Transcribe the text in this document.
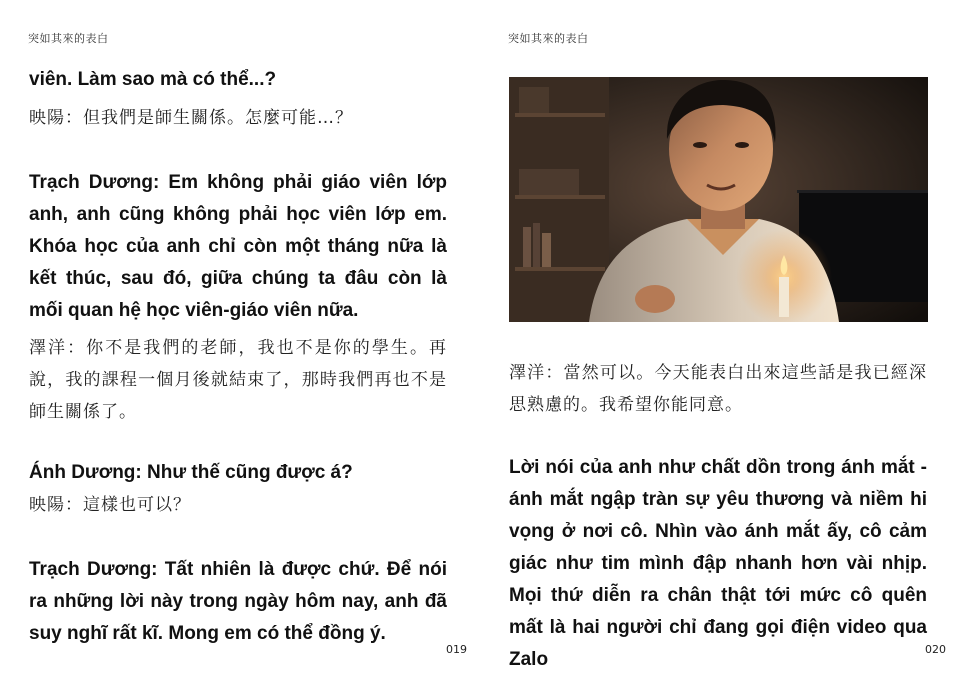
突如其來的表白

viên. Làm sao mà có thể...?

映陽：但我們是師生關係。怎麼可能…？

Trạch Dương: Em không phải giáo viên lớp anh, anh cũng không phải học viên lớp em. Khóa học của anh chỉ còn một tháng nữa là kết thúc, sau đó, giữa chúng ta đâu còn là mối quan hệ học viên-giáo viên nữa.

澤洋：你不是我們的老師，我也不是你的學生。再說，我的課程一個月後就結束了，那時我們再也不是師生關係了。

Ánh Dương: Như thế cũng được á?

映陽：這樣也可以？

Trạch Dương: Tất nhiên là được chứ. Để nói ra những lời này trong ngày hôm nay, anh đã suy nghĩ rất kĩ. Mong em có thể đồng ý.

019
突如其來的表白

澤洋：當然可以。今天能表白出來這些話是我已經深思熟慮的。我希望你能同意。

Lời nói của anh như chất dồn trong ánh mắt - ánh mắt ngập tràn sự yêu thương và niềm hi vọng ở nơi cô. Nhìn vào ánh mắt ấy, cô cảm giác như tim mình đập nhanh hơn vài nhịp. Mọi thứ diễn ra chân thật tới mức cô quên mất là hai người chỉ đang gọi điện video qua Zalo	020
